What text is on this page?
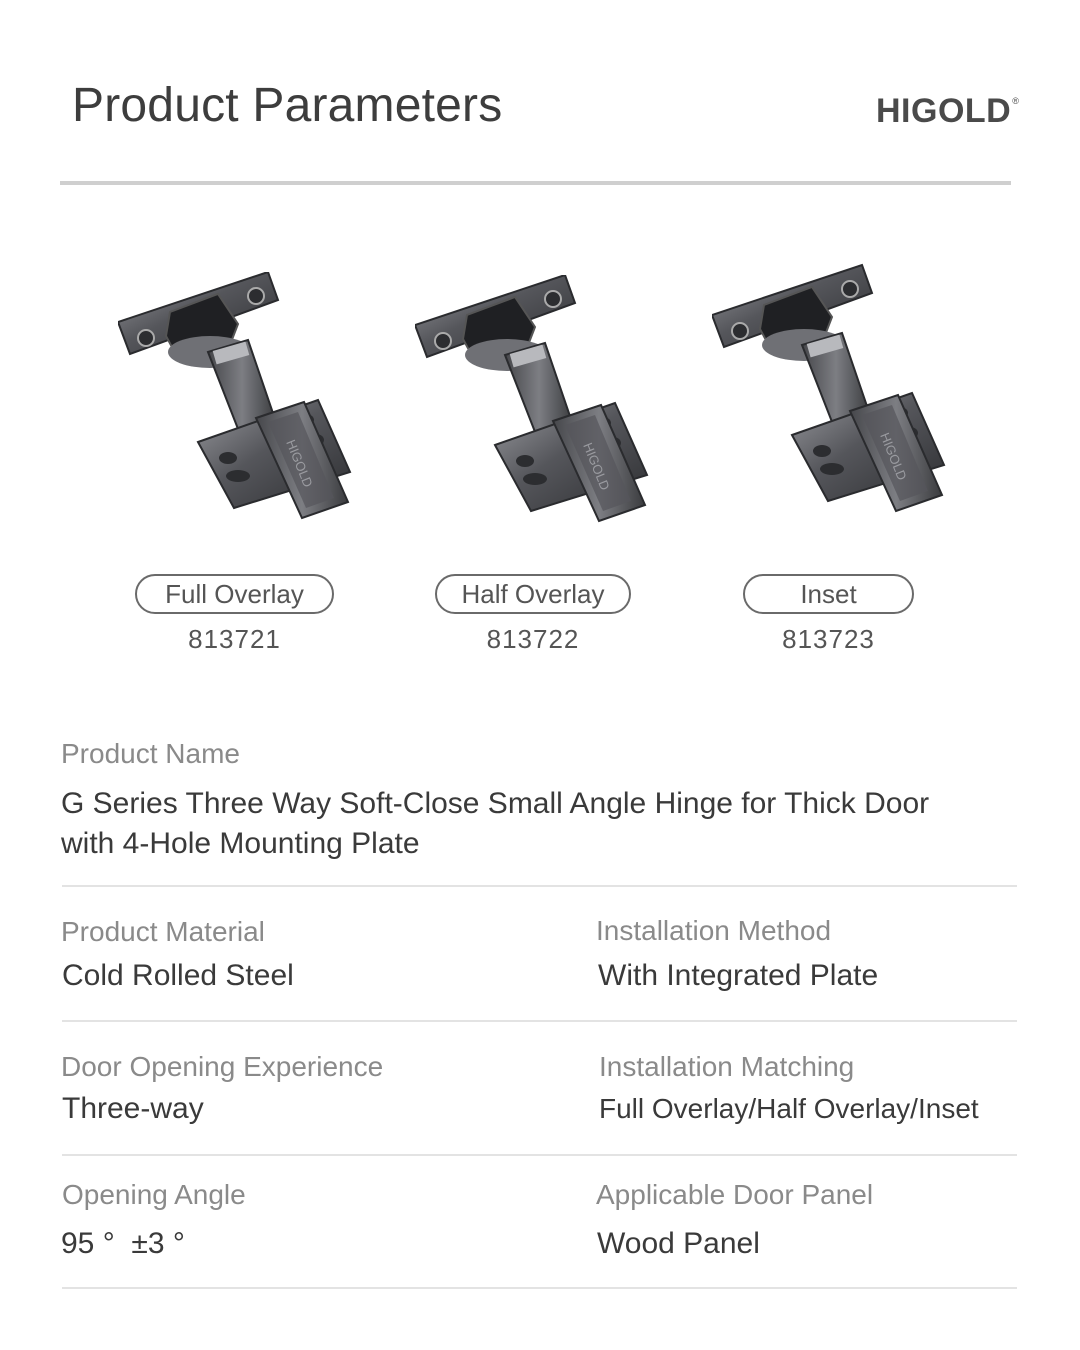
Product Parameters	HIGOLD®
Full Overlay
813721
Half Overlay
813722
Inset
813723
Product Name
G Series Three Way Soft-Close Small Angle Hinge for Thick Door
with 4-Hole Mounting Plate
Product Material
Cold Rolled Steel
Installation Method
With Integrated Plate
Door Opening Experience
Three-way
Installation Matching
Full Overlay/Half Overlay/Inset
Opening Angle
95 °  ±3 °
Applicable Door Panel
Wood Panel
